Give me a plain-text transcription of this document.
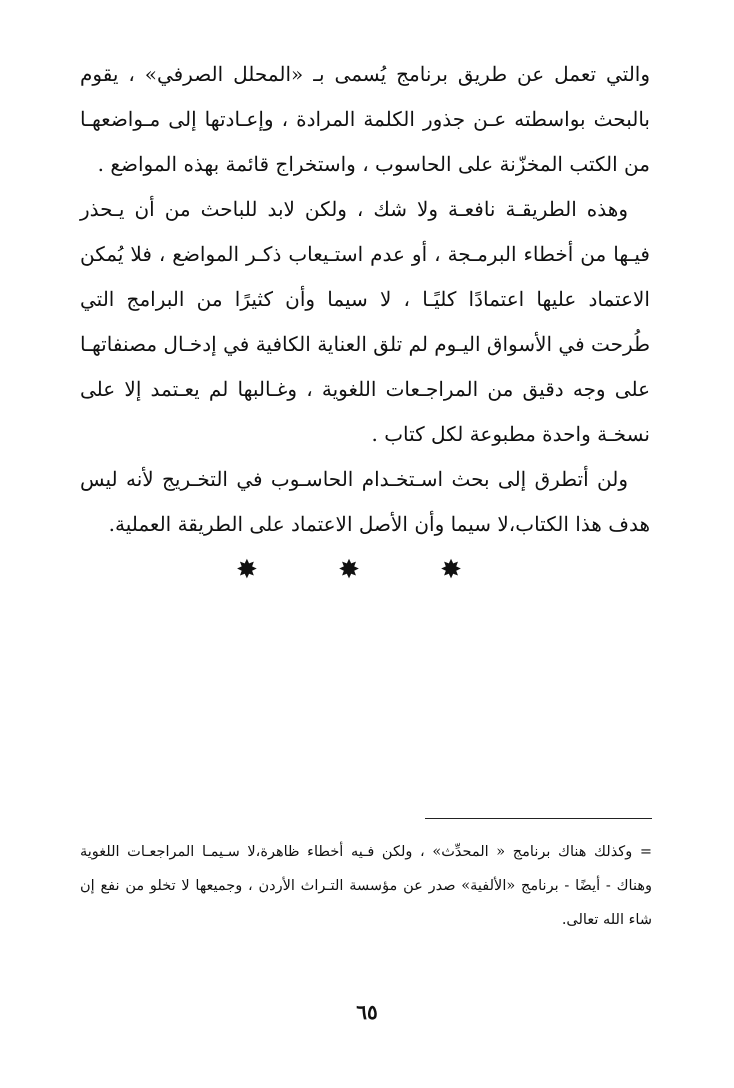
والتي تعمل عن طريق برنامج يُسمى بـ «المحلل الصرفي» ، يقوم بالبحث بواسطته عـن جذور الكلمة المرادة ، وإعـادتها إلى مـواضعهـا من الكتب المخزّنة على الحاسوب ، واستخراج قائمة بهذه المواضع .

وهذه الطريقـة نافعـة ولا شك ، ولكن لابد للباحث من أن يـحذر فيـها من أخطاء البرمـجة ، أو عدم استـيعاب ذكـر المواضع ، فلا يُمكن الاعتماد عليها اعتمادًا كليًـا ، لا سيما وأن كثيرًا من البرامج التي طُرحت في الأسواق اليـوم لم تلق العناية الكافية في إدخـال مصنفاتهـا على وجه دقيق من المراجـعات اللغوية ، وغـالبها لم يعـتمد إلا على نسخـة واحدة مطبوعة لكل كتاب .

ولن أتطرق إلى بحث اسـتخـدام الحاسـوب في التخـريج لأنه ليس هدف هذا الكتاب،لا سيما وأن الأصل الاعتماد على الطريقة العملية.

✸ ✸ ✸

= وكذلك هناك برنامج « المحدِّث» ، ولكن فـيه أخطاء ظاهرة،لا سـيمـا المراجعـات اللغوية وهناك - أيضًا - برنامج «الألفية» صدر عن مؤسسة التـراث الأردن ، وجميعها لا تخلو من نفع إن شاء الله تعالى.

٦٥
